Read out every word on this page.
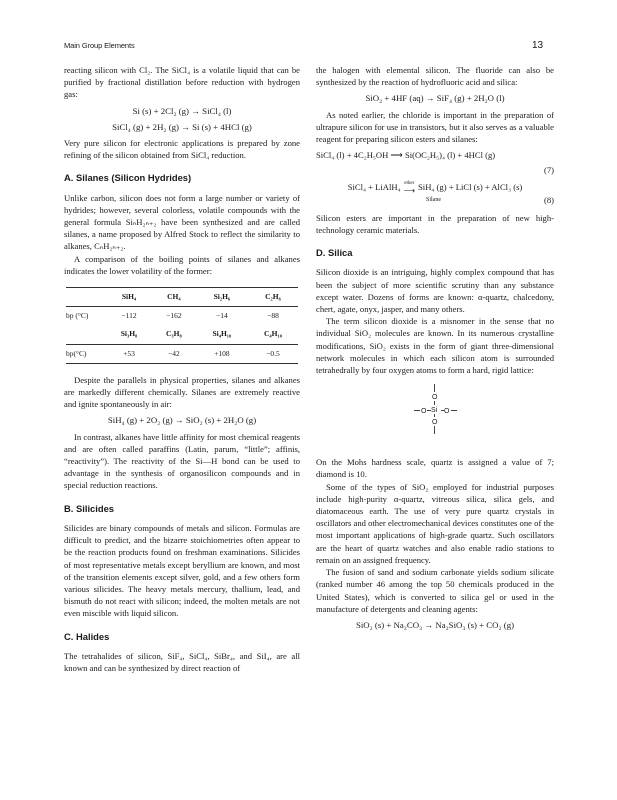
Main Group Elements	13

reacting silicon with Cl₂. The SiCl₄ is a volatile liquid that can be purified by fractional distillation before reduction with hydrogen gas:

Si (s) + 2Cl₂ (g) → SiCl₄ (l)
SiCl₄ (g) + 2H₂ (g) → Si (s) + 4HCl (g)

Very pure silicon for electronic applications is prepared by zone refining of the silicon obtained from SiCl₄ reduction.

A. Silanes (Silicon Hydrides)

Unlike carbon, silicon does not form a large number or variety of hydrides; however, several colorless, volatile compounds with the general formula SiₙH₂ₙ₊₂ have been synthesized and are called silanes, a name proposed by Alfred Stock to reflect the similarity to alkanes, CₙH₂ₙ₊₂.

A comparison of the boiling points of silanes and alkanes indicates the lower volatility of the former:

	SiH₄	CH₄	Si₂H₆	C₂H₆
bp (°C)	−112	−162	−14	−88
	Si₃H₈	C₃H₈	Si₄H₁₀	C₄H₁₀
bp(°C)	+53	−42	+108	−0.5

Despite the parallels in physical properties, silanes and alkanes are markedly different chemically. Silanes are extremely reactive and ignite spontaneously in air:

SiH₄ (g) + 2O₂ (g) → SiO₂ (s) + 2H₂O (g)

In contrast, alkanes have little affinity for most chemical reagents and are often called paraffins (Latin, parum, “little”; affinis, “reactivity”). The reactivity of the Si—H bond can be used to advantage in the synthesis of organosilicon compounds and in special reduction reactions.

B. Silicides

Silicides are binary compounds of metals and silicon. Formulas are difficult to predict, and the bizarre stoichiometries often appear to be the reaction products found on freshman examinations. Silicides of most representative metals except beryllium are known, and most of the transition elements except silver, gold, and a few others form various silicides. The heavy metals mercury, thallium, lead, and bismuth do not react with silicon; indeed, the molten metals are not even miscible with liquid silicon.

C. Halides

The tetrahalides of silicon, SiF₄, SiCl₄, SiBr₄, and SiI₄, are all known and can be synthesized by direct reaction of

the halogen with elemental silicon. The fluoride can also be synthesized by the reaction of hydrofluoric acid and silica:

SiO₂ + 4HF (aq) → SiF₄ (g) + 2H₂O (l)

As noted earlier, the chloride is important in the preparation of ultrapure silicon for use in transistors, but it also serves as a valuable reagent for preparing silicon esters and silanes:

SiCl₄ (l) + 4C₂H₅OH ⟶ Si(OC₂H₅)₄ (l) + 4HCl (g)
(7)
SiCl₄ + LiAlH₄ ether
⟶ SiH₄ (g) + LiCl (s) + AlCl₃ (s)
Silane	(8)

Silicon esters are important in the preparation of new high-technology ceramic materials.

D. Silica

Silicon dioxide is an intriguing, highly complex compound that has been the subject of more scientific scrutiny than any substance except water. Dozens of forms are known: α-quartz, chalcedony, chert, agate, onyx, jasper, and many others.

The term silicon dioxide is a misnomer in the sense that no individual SiO₂ molecules are known. In its numerous crystalline modifications, SiO₂ exists in the form of giant three-dimensional network molecules in which each silicon atom is surrounded tetrahedrally by four oxygen atoms to form a hard, rigid lattice:

O
Si
O	O
O

On the Mohs hardness scale, quartz is assigned a value of 7; diamond is 10.

Some of the types of SiO₂ employed for industrial purposes include high-purity α-quartz, vitreous silica, silica gels, and diatomaceous earth. The use of very pure quartz crystals in oscillators and other electromechanical devices constitutes one of the most important applications of high-grade quartz. Such oscillators are the heart of quartz watches and also enable radio stations to remain on an assigned frequency.

The fusion of sand and sodium carbonate yields sodium silicate (ranked number 46 among the top 50 chemicals produced in the United States), which is converted to silica gel or used in the manufacture of detergents and cleaning agents:

SiO₂ (s) + Na₂CO₃ → Na₂SiO₃ (s) + CO₂ (g)
